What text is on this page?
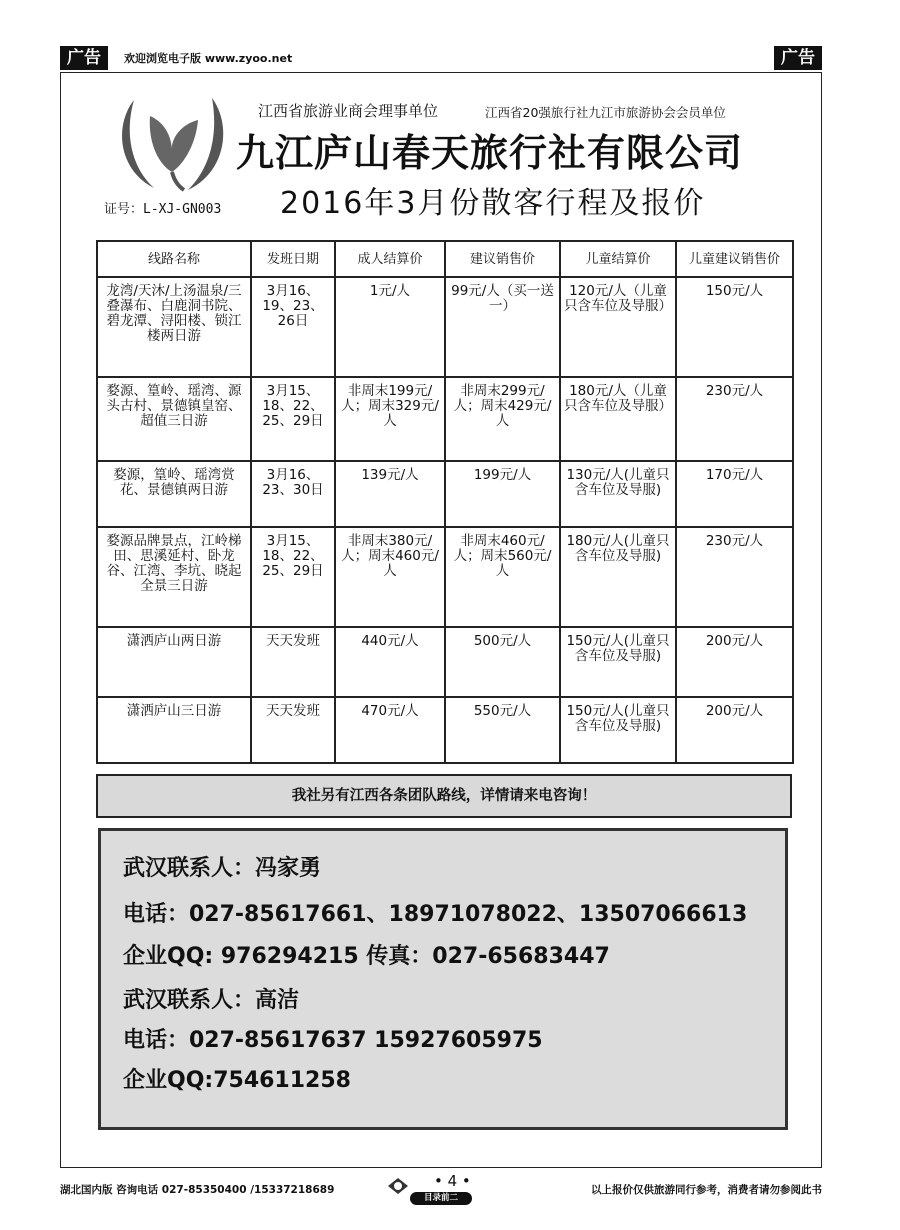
广告	欢迎浏览电子版 www.zyoo.net	广告
江西省旅游业商会理事单位	江西省20强旅行社九江市旅游协会会员单位
九江庐山春天旅行社有限公司
证号：L-XJ-GN003 2016年3月份散客行程及报价
线路名称	发班日期	成人结算价	建议销售价	儿童结算价	儿童建议销售价
龙湾/天沐/上汤温泉/三叠瀑布、白鹿洞书院、碧龙潭、浔阳楼、锁江楼两日游	3月16、19、23、26日	1元/人	99元/人（买一送一）	120元/人（儿童只含车位及导服）	150元/人
婺源、篁岭、瑶湾、源头古村、景德镇皇窑、超值三日游	3月15、18、22、25、29日	非周末199元/人；周末329元/人	非周末299元/人；周末429元/人	180元/人（儿童只含车位及导服）	230元/人
婺源，篁岭、瑶湾赏花、景德镇两日游	3月16、23、30日	139元/人	199元/人	130元/人(儿童只含车位及导服)	170元/人
婺源品牌景点，江岭梯田、思溪延村、卧龙谷、江湾、李坑、晓起全景三日游	3月15、18、22、25、29日	非周末380元/人；周末460元/人	非周末460元/人；周末560元/人	180元/人(儿童只含车位及导服)	230元/人
潇洒庐山两日游	天天发班	440元/人	500元/人	150元/人(儿童只含车位及导服)	200元/人
潇洒庐山三日游	天天发班	470元/人	550元/人	150元/人(儿童只含车位及导服)	200元/人
我社另有江西各条团队路线，详情请来电咨询！
武汉联系人：冯家勇
电话：027-85617661、18971078022、13507066613
企业QQ: 976294215 传真：027-65683447
武汉联系人：高洁
电话：027-85617637 15927605975
企业QQ:754611258
湖北国内版 咨询电话 027-85350400 /15337218689	• 4 •
目录前二
以上报价仅供旅游同行参考，消费者请勿参阅此书
